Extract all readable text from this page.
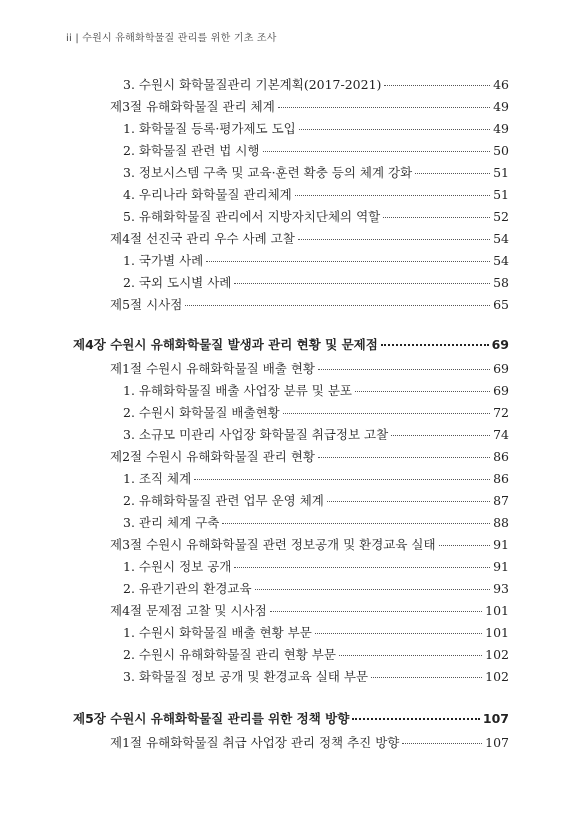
ii | 수원시 유해화학물질 관리를 위한 기초 조사
3. 수원시 화학물질관리 기본계획(2017-2021)	46
제3절 유해화학물질 관리 체계	49
1. 화학물질 등록·평가제도 도입	49
2. 화학물질 관련 법 시행	50
3. 정보시스템 구축 및 교육·훈련 확충 등의 체계 강화	51
4. 우리나라 화학물질 관리체계	51
5. 유해화학물질 관리에서 지방자치단체의 역할	52
제4절 선진국 관리 우수 사례 고찰	54
1. 국가별 사례	54
2. 국외 도시별 사례	58
제5절 시사점	65
제4장 수원시 유해화학물질 발생과 관리 현황 및 문제점	69
제1절 수원시 유해화학물질 배출 현황	69
1. 유해화학물질 배출 사업장 분류 및 분포	69
2. 수원시 화학물질 배출현황	72
3. 소규모 미관리 사업장 화학물질 취급정보 고찰	74
제2절 수원시 유해화학물질 관리 현황	86
1. 조직 체계	86
2. 유해화학물질 관련 업무 운영 체계	87
3. 관리 체계 구축	88
제3절 수원시 유해화학물질 관련 정보공개 및 환경교육 실태	91
1. 수원시 정보 공개	91
2. 유관기관의 환경교육	93
제4절 문제점 고찰 및 시사점	101
1. 수원시 화학물질 배출 현황 부문	101
2. 수원시 유해화학물질 관리 현황 부문	102
3. 화학물질 정보 공개 및 환경교육 실태 부문	102
제5장 수원시 유해화학물질 관리를 위한 정책 방향	107
제1절 유해화학물질 취급 사업장 관리 정책 추진 방향	107
